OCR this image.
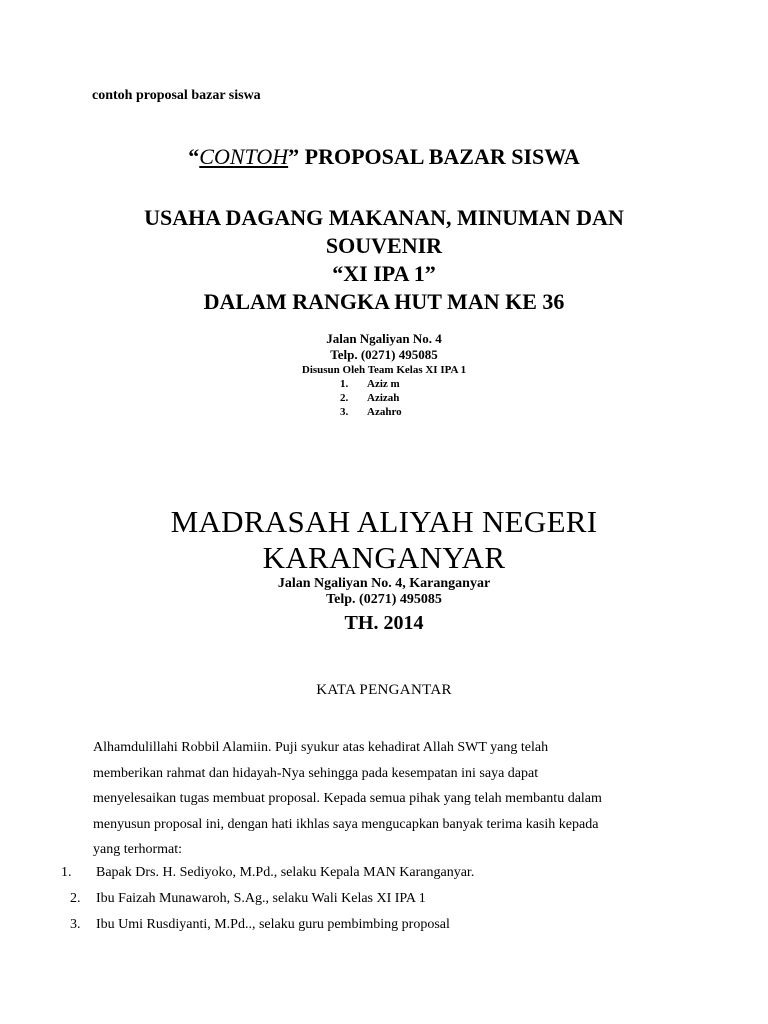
contoh proposal bazar siswa

“CONTOH” PROPOSAL BAZAR SISWA
USAHA DAGANG MAKANAN, MINUMAN DAN
SOUVENIR
“XI IPA 1”
DALAM RANGKA HUT MAN KE 36
Jalan Ngaliyan No. 4
Telp. (0271) 495085
Disusun Oleh Team Kelas XI IPA 1
1. Aziz m
2. Azizah
3. Azahro
MADRASAH ALIYAH NEGERI
KARANGANYAR
Jalan Ngaliyan No. 4, Karanganyar
Telp. (0271) 495085
TH. 2014
KATA PENGANTAR
Alhamdulillahi Robbil Alamiin. Puji syukur atas kehadirat Allah SWT yang telah
memberikan rahmat dan hidayah-Nya sehingga pada kesempatan ini saya dapat
menyelesaikan tugas membuat proposal. Kepada semua pihak yang telah membantu dalam
menyusun proposal ini, dengan hati ikhlas saya mengucapkan banyak terima kasih kepada
yang terhormat:
1. Bapak Drs. H. Sediyoko, M.Pd., selaku Kepala MAN Karanganyar.
2. Ibu Faizah Munawaroh, S.Ag., selaku Wali Kelas XI IPA 1
3. Ibu Umi Rusdiyanti, M.Pd.., selaku guru pembimbing proposal
